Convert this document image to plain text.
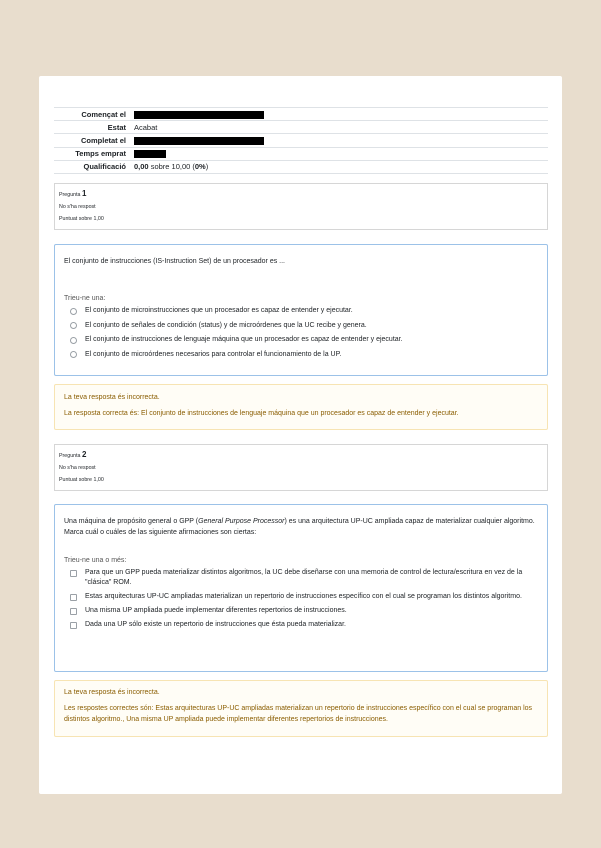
Començat el	
Estat	Acabat
Completat el	
Temps emprat	
Qualificació	0,00 sobre 10,00 (0%)
Pregunta 1
No s'ha respost
Puntuat sobre 1,00
El conjunto de instrucciones (IS-Instruction Set) de un procesador es ...
Trieu-ne una:
El conjunto de microinstrucciones que un procesador es capaz de entender y ejecutar.
El conjunto de señales de condición (status) y de microórdenes que la UC recibe y genera.
El conjunto de instrucciones de lenguaje máquina que un procesador es capaz de entender y ejecutar.
El conjunto de microórdenes necesarios para controlar el funcionamiento de la UP.
La teva resposta és incorrecta.
La resposta correcta és: El conjunto de instrucciones de lenguaje máquina que un procesador es capaz de entender y ejecutar.
Pregunta 2
No s'ha respost
Puntuat sobre 1,00
Una máquina de propósito general o GPP (General Purpose Processor) es una arquitectura UP-UC ampliada capaz de materializar cualquier algoritmo. Marca cuál o cuáles de las siguiente afirmaciones son ciertas:
Trieu-ne una o més:
Para que un GPP pueda materializar distintos algoritmos, la UC debe diseñarse con una memoria de control de lectura/escritura en vez de la "clásica" ROM.
Estas arquitecturas UP-UC ampliadas materializan un repertorio de instrucciones específico con el cual se programan los distintos algoritmo.
Una misma UP ampliada puede implementar diferentes repertorios de instrucciones.
Dada una UP sólo existe un repertorio de instrucciones que ésta pueda materializar.
La teva resposta és incorrecta.
Les respostes correctes són: Estas arquitecturas UP-UC ampliadas materializan un repertorio de instrucciones específico con el cual se programan los distintos algoritmo., Una misma UP ampliada puede implementar diferentes repertorios de instrucciones.
